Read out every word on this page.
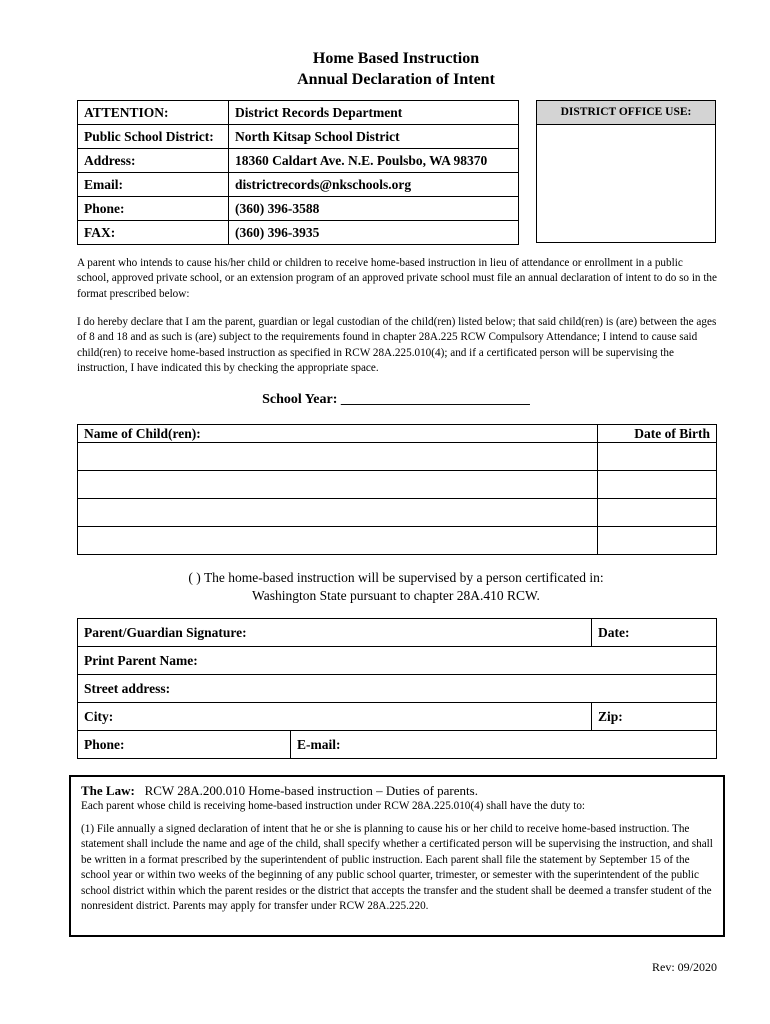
Home Based Instruction
Annual Declaration of Intent
ATTENTION:	District Records Department
Public School District:	North Kitsap School District
Address:	18360 Caldart Ave. N.E. Poulsbo, WA 98370
Email:	districtrecords@nkschools.org
Phone:	(360) 396-3588
FAX:	(360) 396-3935
DISTRICT OFFICE USE:
A parent who intends to cause his/her child or children to receive home-based instruction in lieu of attendance or enrollment in a public school, approved private school, or an extension program of an approved private school must file an annual declaration of intent to do so in the format prescribed below:
I do hereby declare that I am the parent, guardian or legal custodian of the child(ren) listed below; that said child(ren) is (are) between the ages of 8 and 18 and as such is (are) subject to the requirements found in chapter 28A.225 RCW Compulsory Attendance; I intend to cause said child(ren) to receive home-based instruction as specified in RCW 28A.225.010(4); and if a certificated person will be supervising the instruction, I have indicated this by checking the appropriate space.
School Year: ___________________________
Name of Child(ren):	Date of Birth

( ) The home-based instruction will be supervised by a person certificated in:
Washington State pursuant to chapter 28A.410 RCW.
Parent/Guardian Signature:		Date:
Print Parent Name:		
Street address:		
City:		Zip:
Phone:	E-mail:	
The Law: RCW 28A.200.010 Home-based instruction – Duties of parents.
Each parent whose child is receiving home-based instruction under RCW 28A.225.010(4) shall have the duty to:
(1) File annually a signed declaration of intent that he or she is planning to cause his or her child to receive home-based instruction. The statement shall include the name and age of the child, shall specify whether a certificated person will be supervising the instruction, and shall be written in a format prescribed by the superintendent of public instruction. Each parent shall file the statement by September 15 of the school year or within two weeks of the beginning of any public school quarter, trimester, or semester with the superintendent of the public school district within which the parent resides or the district that accepts the transfer and the student shall be deemed a transfer student of the nonresident district. Parents may apply for transfer under RCW 28A.225.220.
Rev: 09/2020
